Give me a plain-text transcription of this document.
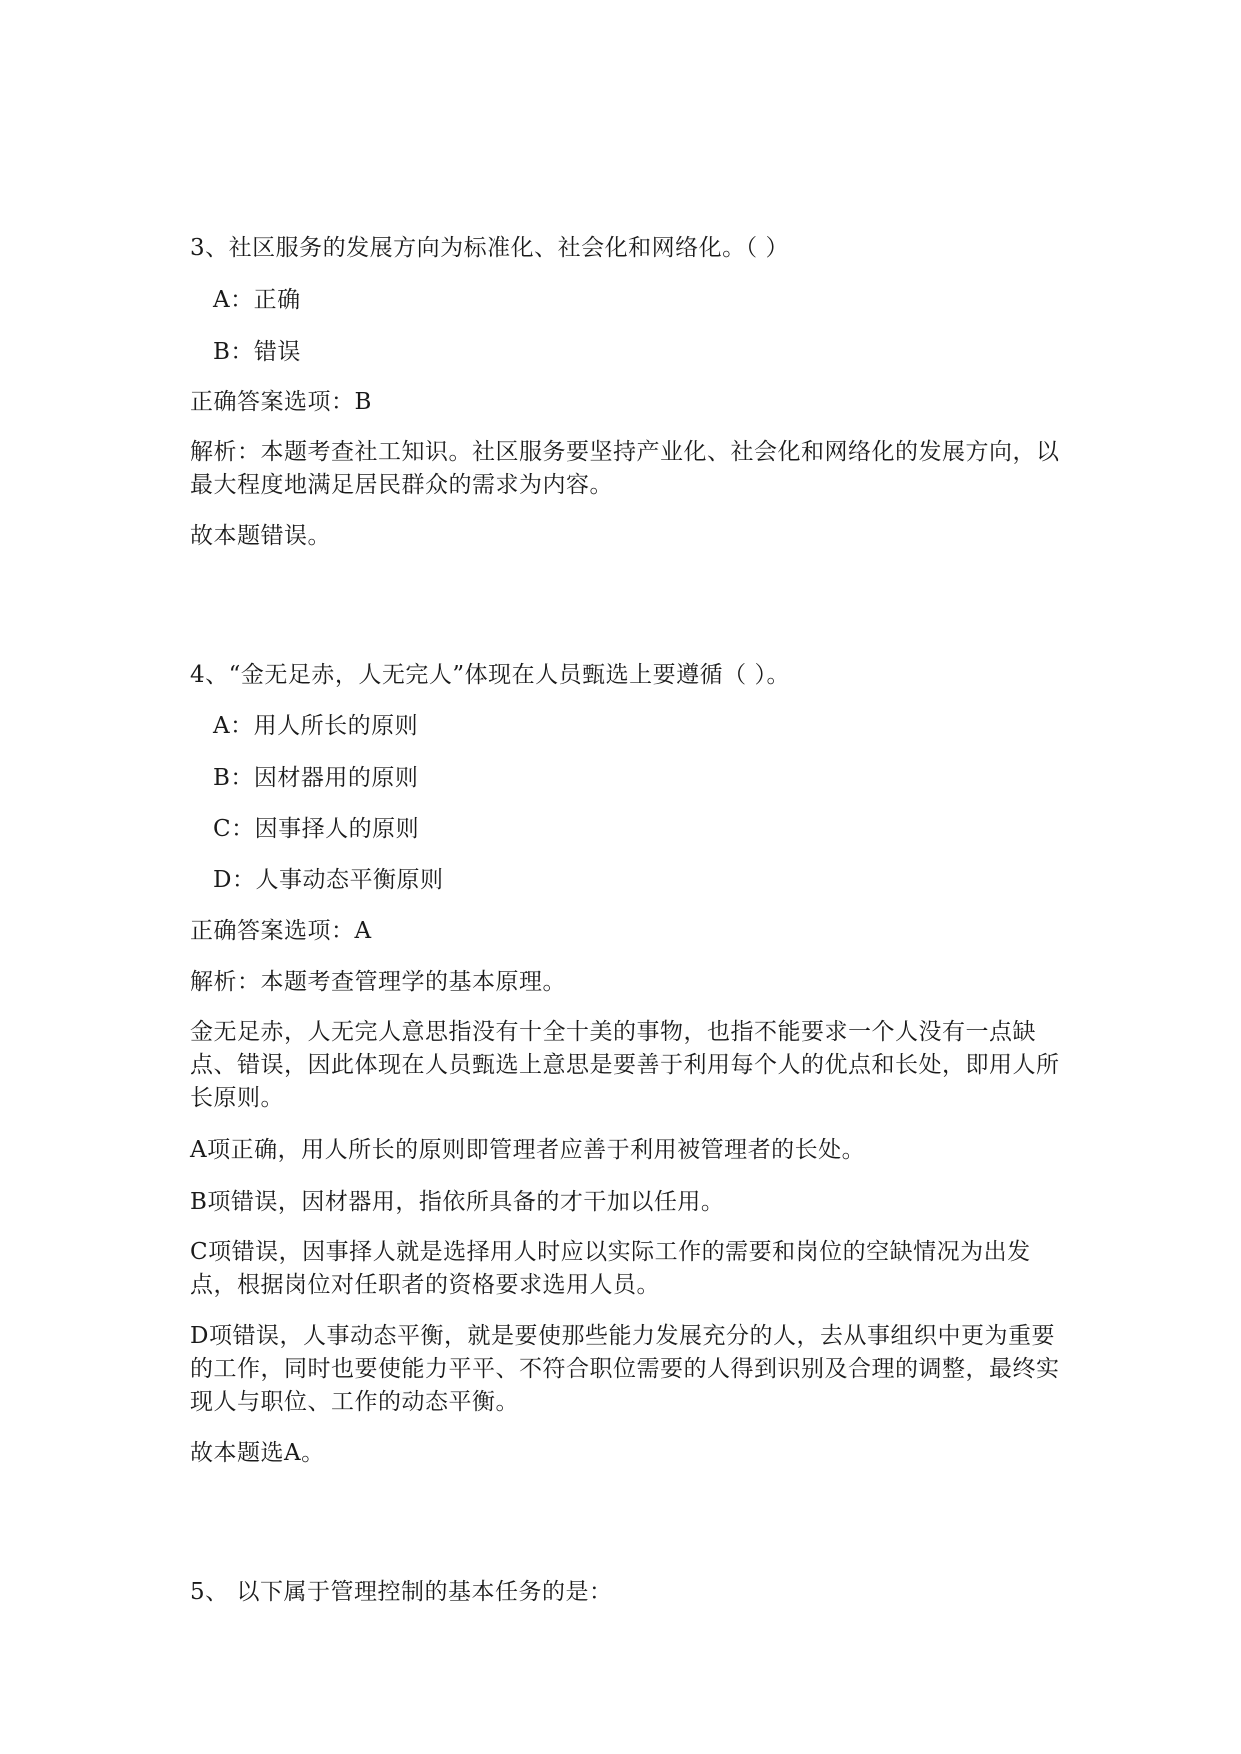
3、社区服务的发展方向为标准化、社会化和网络化。（ ）
A：正确
B：错误
正确答案选项：B
解析：本题考查社工知识。社区服务要坚持产业化、社会化和网络化的发展方向，以最大程度地满足居民群众的需求为内容。
故本题错误。
4、“金无足赤，人无完人”体现在人员甄选上要遵循（ ）。
A：用人所长的原则
B：因材器用的原则
C：因事择人的原则
D：人事动态平衡原则
正确答案选项：A
解析：本题考查管理学的基本原理。
金无足赤，人无完人意思指没有十全十美的事物，也指不能要求一个人没有一点缺点、错误，因此体现在人员甄选上意思是要善于利用每个人的优点和长处，即用人所长原则。
A项正确，用人所长的原则即管理者应善于利用被管理者的长处。
B项错误，因材器用，指依所具备的才干加以任用。
C项错误，因事择人就是选择用人时应以实际工作的需要和岗位的空缺情况为出发点，根据岗位对任职者的资格要求选用人员。
D项错误，人事动态平衡，就是要使那些能力发展充分的人，去从事组织中更为重要的工作，同时也要使能力平平、不符合职位需要的人得到识别及合理的调整，最终实现人与职位、工作的动态平衡。
故本题选A。
5、 以下属于管理控制的基本任务的是：
